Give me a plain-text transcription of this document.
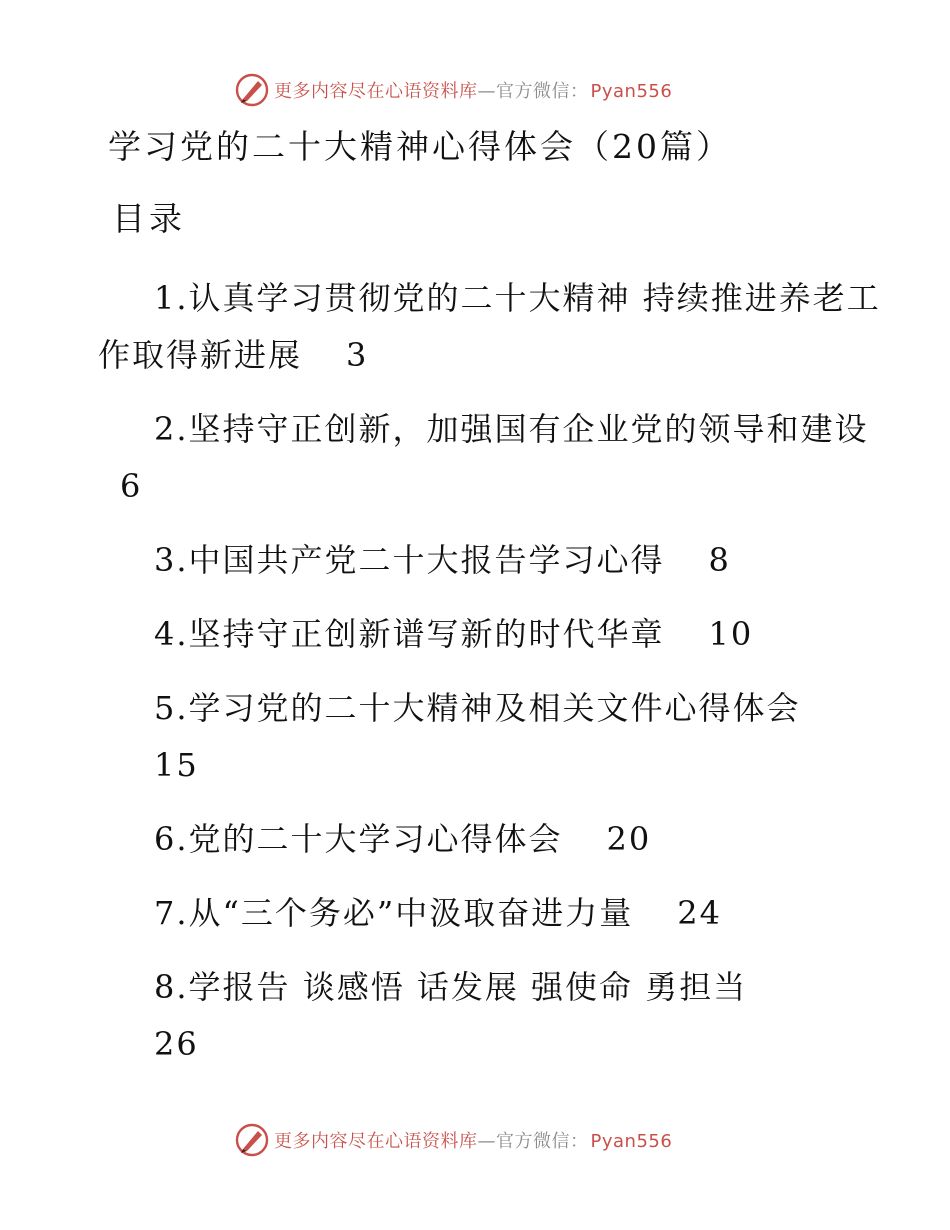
更多内容尽在心语资料库—官方微信： Pyan556
学习党的二十大精神心得体会（20篇）
目录
1.认真学习贯彻党的二十大精神 持续推进养老工作取得新进展 3
2.坚持守正创新，加强国有企业党的领导和建设6
3.中国共产党二十大报告学习心得 8
4.坚持守正创新谱写新的时代华章 10
5.学习党的二十大精神及相关文件心得体会
15
6.党的二十大学习心得体会 20
7.从“三个务必”中汲取奋进力量 24
8.学报告 谈感悟 话发展 强使命 勇担当
26
更多内容尽在心语资料库—官方微信： Pyan556
